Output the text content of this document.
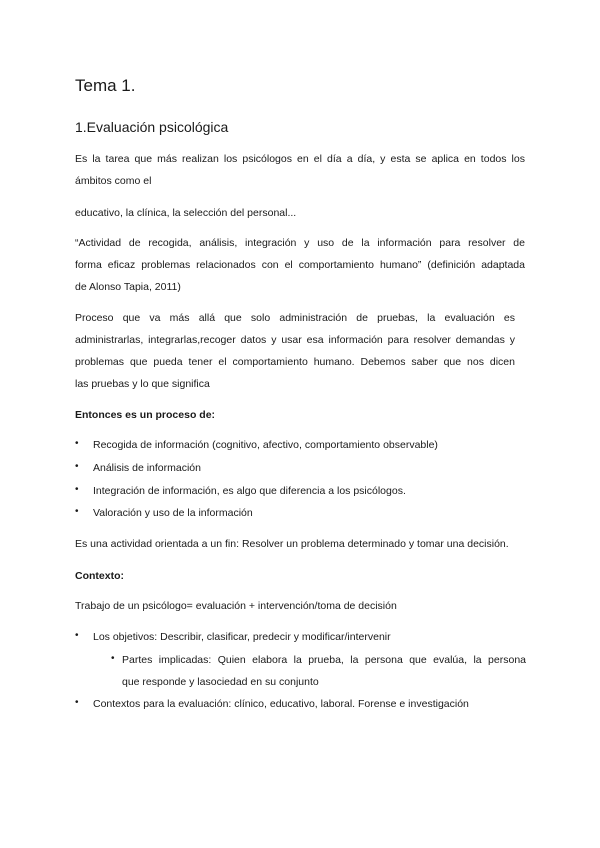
Tema 1.
1.Evaluación psicológica
Es la tarea que más realizan los psicólogos en el día a día, y esta se aplica en todos los
ámbitos como el
educativo, la clínica, la selección del personal...
“Actividad de recogida, análisis, integración y uso de la información para resolver de
forma eficaz problemas relacionados con el comportamiento humano” (definición adaptada
de Alonso Tapia, 2011)
Proceso que va más allá que solo administración de pruebas, la evaluación es
administrarlas, integrarlas,recoger datos y usar esa información para resolver demandas y
problemas que pueda tener el comportamiento humano. Debemos saber que nos dicen
las pruebas y lo que significa
Entonces es un proceso de:
• Recogida de información (cognitivo, afectivo, comportamiento observable)
• Análisis de información
• Integración de información, es algo que diferencia a los psicólogos.
• Valoración y uso de la información
Es una actividad orientada a un fin: Resolver un problema determinado y tomar una decisión.
Contexto:
Trabajo de un psicólogo= evaluación + intervención/toma de decisión
• Los objetivos: Describir, clasificar, predecir y modificar/intervenir
• Partes implicadas: Quien elabora la prueba, la persona que evalúa, la persona
que responde y lasociedad en su conjunto
• Contextos para la evaluación: clínico, educativo, laboral. Forense e investigación
